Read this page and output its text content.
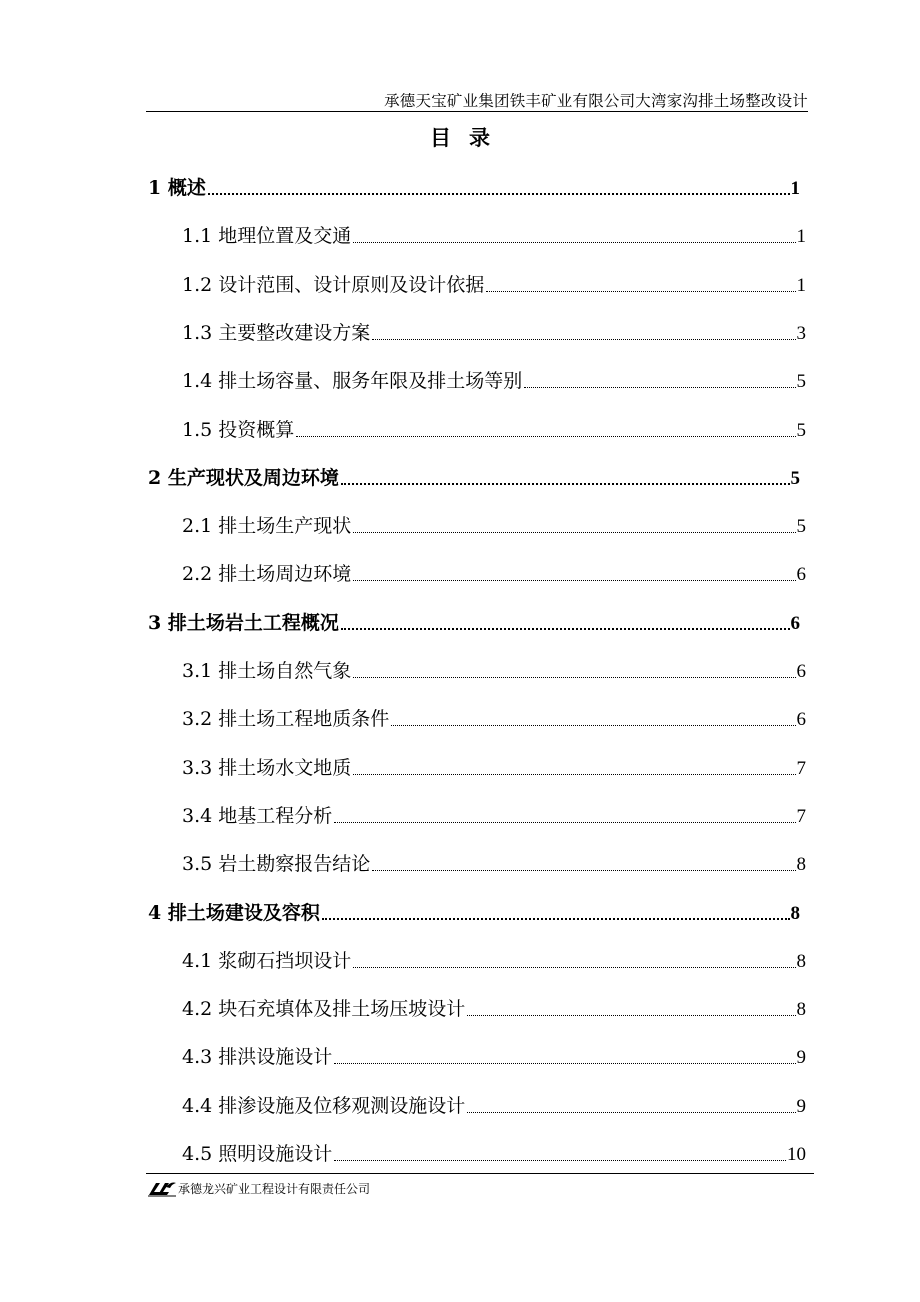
承德天宝矿业集团铁丰矿业有限公司大湾家沟排土场整改设计
目录
1 概述	1
1.1 地理位置及交通	1
1.2 设计范围、设计原则及设计依据	1
1.3 主要整改建设方案	3
1.4 排土场容量、服务年限及排土场等别	5
1.5 投资概算	5
2 生产现状及周边环境	5
2.1 排土场生产现状	5
2.2 排土场周边环境	6
3 排土场岩土工程概况	6
3.1 排土场自然气象	6
3.2 排土场工程地质条件	6
3.3 排土场水文地质	7
3.4 地基工程分析	7
3.5 岩土勘察报告结论	8
4 排土场建设及容积	8
4.1 浆砌石挡坝设计	8
4.2 块石充填体及排土场压坡设计	8
4.3 排洪设施设计	9
4.4 排渗设施及位移观测设施设计	9
4.5 照明设施设计	10
承德龙兴矿业工程设计有限责任公司
